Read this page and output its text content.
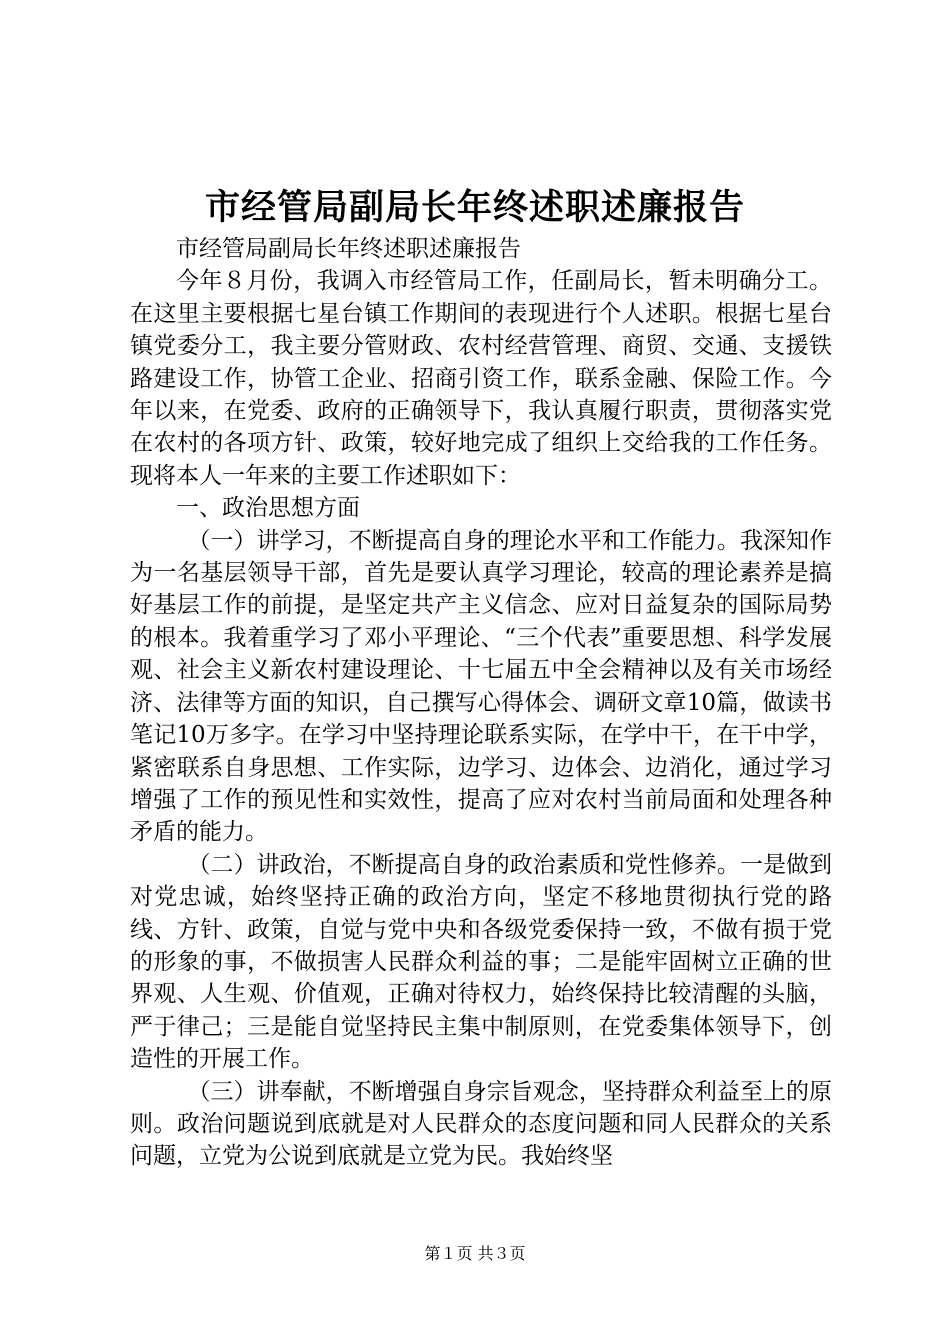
市经管局副局长年终述职述廉报告

市经管局副局长年终述职述廉报告

今年８月份，我调入市经管局工作，任副局长，暂未明确分工。在这里主要根据七星台镇工作期间的表现进行个人述职。根据七星台镇党委分工，我主要分管财政、农村经营管理、商贸、交通、支援铁路建设工作，协管工企业、招商引资工作，联系金融、保险工作。今年以来，在党委、政府的正确领导下，我认真履行职责，贯彻落实党在农村的各项方针、政策，较好地完成了组织上交给我的工作任务。现将本人一年来的主要工作述职如下：

一、政治思想方面

（一）讲学习，不断提高自身的理论水平和工作能力。我深知作为一名基层领导干部，首先是要认真学习理论，较高的理论素养是搞好基层工作的前提，是坚定共产主义信念、应对日益复杂的国际局势的根本。我着重学习了邓小平理论、“三个代表”重要思想、科学发展观、社会主义新农村建设理论、十七届五中全会精神以及有关市场经济、法律等方面的知识，自己撰写心得体会、调研文章10篇，做读书笔记10万多字。在学习中坚持理论联系实际，在学中干，在干中学，紧密联系自身思想、工作实际，边学习、边体会、边消化，通过学习增强了工作的预见性和实效性，提高了应对农村当前局面和处理各种矛盾的能力。

（二）讲政治，不断提高自身的政治素质和党性修养。一是做到对党忠诚，始终坚持正确的政治方向，坚定不移地贯彻执行党的路线、方针、政策，自觉与党中央和各级党委保持一致，不做有损于党的形象的事，不做损害人民群众利益的事；二是能牢固树立正确的世界观、人生观、价值观，正确对待权力，始终保持比较清醒的头脑，严于律己；三是能自觉坚持民主集中制原则，在党委集体领导下，创造性的开展工作。

（三）讲奉献，不断增强自身宗旨观念，坚持群众利益至上的原则。政治问题说到底就是对人民群众的态度问题和同人民群众的关系问题，立党为公说到底就是立党为民。我始终坚

第１页 共３页
